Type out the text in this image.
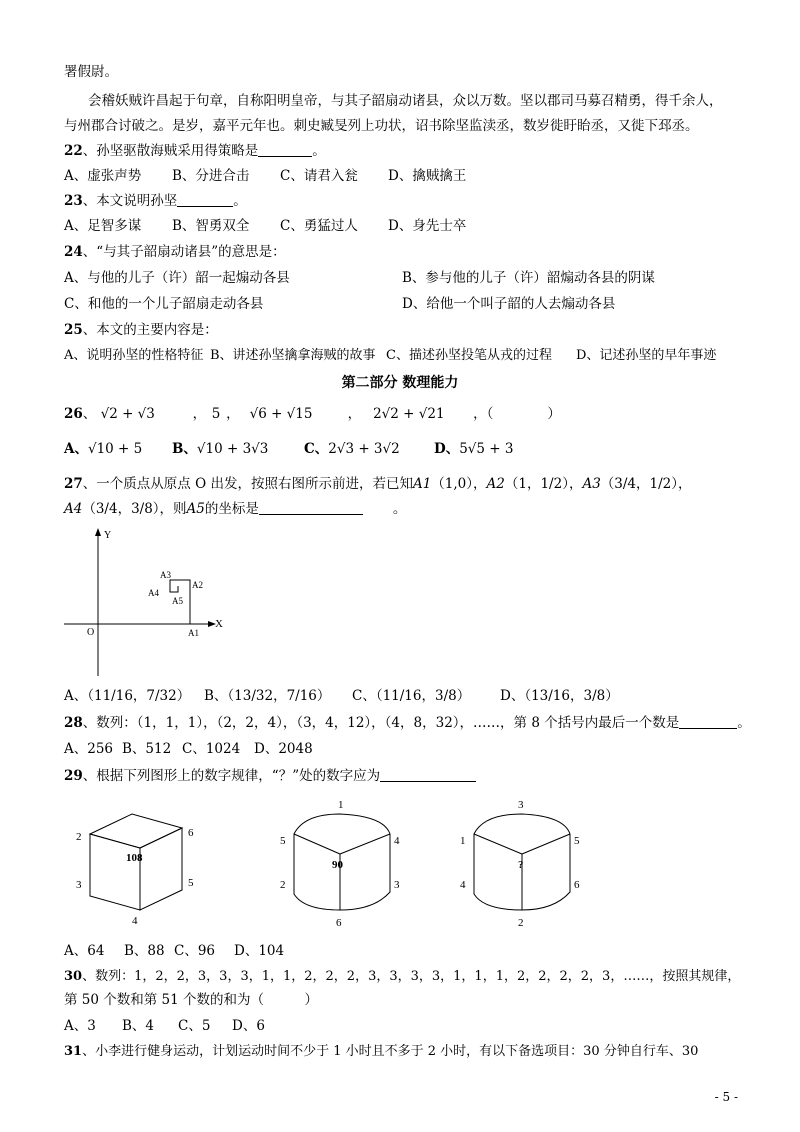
署假尉。
会稽妖贼许昌起于句章，自称阳明皇帝，与其子韶扇动诸县，众以万数。坚以郡司马募召精勇，得千余人，
与州郡合讨破之。是岁，嘉平元年也。刺史臧旻列上功状，诏书除坚监渎丞，数岁徙盱眙丞，又徙下邳丞。
22、孙坚驱散海贼采用得策略是	。
A、虚张声势 B、分进合击 C、请君入瓮 D、擒贼擒王
23、本文说明孙坚	。
A、足智多谋 B、智勇双全 C、勇猛过人 D、身先士卒
24、“与其子韶扇动诸县”的意思是：
A、与他的儿子（许）韶一起煽动各县	B、参与他的儿子（许）韶煽动各县的阴谋
C、和他的一个儿子韶扇走动各县	D、给他一个叫子韶的人去煽动各县
25、本文的主要内容是：
A、说明孙坚的性格特征 B、讲述孙坚擒拿海贼的故事 C、描述孙坚投笔从戎的过程 D、记述孙坚的早年事迹
第二部分 数理能力
26、 √2 + √3	， 5 ， √6 + √15	， 2√2 + √21 ，（　　　　）
A、√10 + 5 B、√10 + 3√3	C、2√3 + 3√2	D、5√5 + 3
27、一个质点从原点 O 出发，按照右图所示前进，若已知A1（1,0），A2（1，1/2），A3（3/4，1/2），
A4（3/4，3/8），则A5的坐标是	。
Y
X
O	A1
A2
A3
A4
A5
A、（11/16，7/32） B、（13/32，7/16） C、（11/16，3/8） D、（13/16，3/8）
28、数列：（1，1，1），（2，2，4），（3，4，12），（4，8，32），……，第 8 个括号内最后一个数是	。
A、256 B、512 C、1024 D、2048
29、根据下列图形上的数字规律，“？”处的数字应为
108
2	6
3	5
4
90
1
5	4
2	3
6
?
3
1	5
4	6
2
A、64 B、88 C、96 D、104
30、数列：1，2，2，3，3，3，1，1，2，2，2，3，3，3，3，1，1，1，2，2，2，2，3，……，按照其规律，
第 50 个数和第 51 个数的和为（　　　）
A、3 B、4 C、5 D、6
31、小李进行健身运动，计划运动时间不少于 1 小时且不多于 2 小时，有以下备选项目：30 分钟自行车、30
- 5 -
